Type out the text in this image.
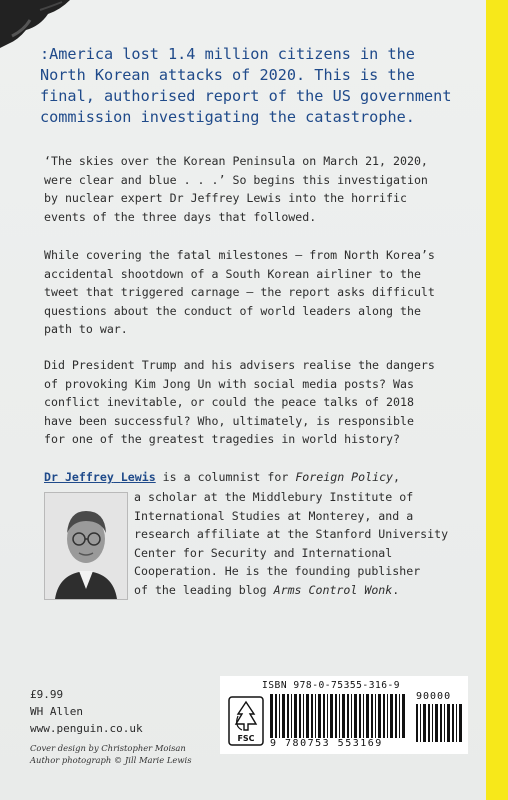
:America lost 1.4 million citizens in the
North Korean attacks of 2020. This is the
final, authorised report of the US government
commission investigating the catastrophe.
‘The skies over the Korean Peninsula on March 21, 2020,
were clear and blue . . .’ So begins this investigation
by nuclear expert Dr Jeffrey Lewis into the horrific
events of the three days that followed.
While covering the fatal milestones – from North Korea’s
accidental shootdown of a South Korean airliner to the
tweet that triggered carnage – the report asks difficult
questions about the conduct of world leaders along the
path to war.
Did President Trump and his advisers realise the dangers
of provoking Kim Jong Un with social media posts? Was
conflict inevitable, or could the peace talks of 2018
have been successful? Who, ultimately, is responsible
for one of the greatest tragedies in world history?
Dr Jeffrey Lewis is a columnist for Foreign Policy,
a scholar at the Middlebury Institute of
International Studies at Monterey, and a
research affiliate at the Stanford University
Center for Security and International
Cooperation. He is the founding publisher
of the leading blog Arms Control Wonk.
£9.99
WH Allen
www.penguin.co.uk
Cover design by Christopher Moisan
Author photograph © Jill Marie Lewis
ISBN 978-0-75355-316-9
FSC
90000
9 780753 553169
